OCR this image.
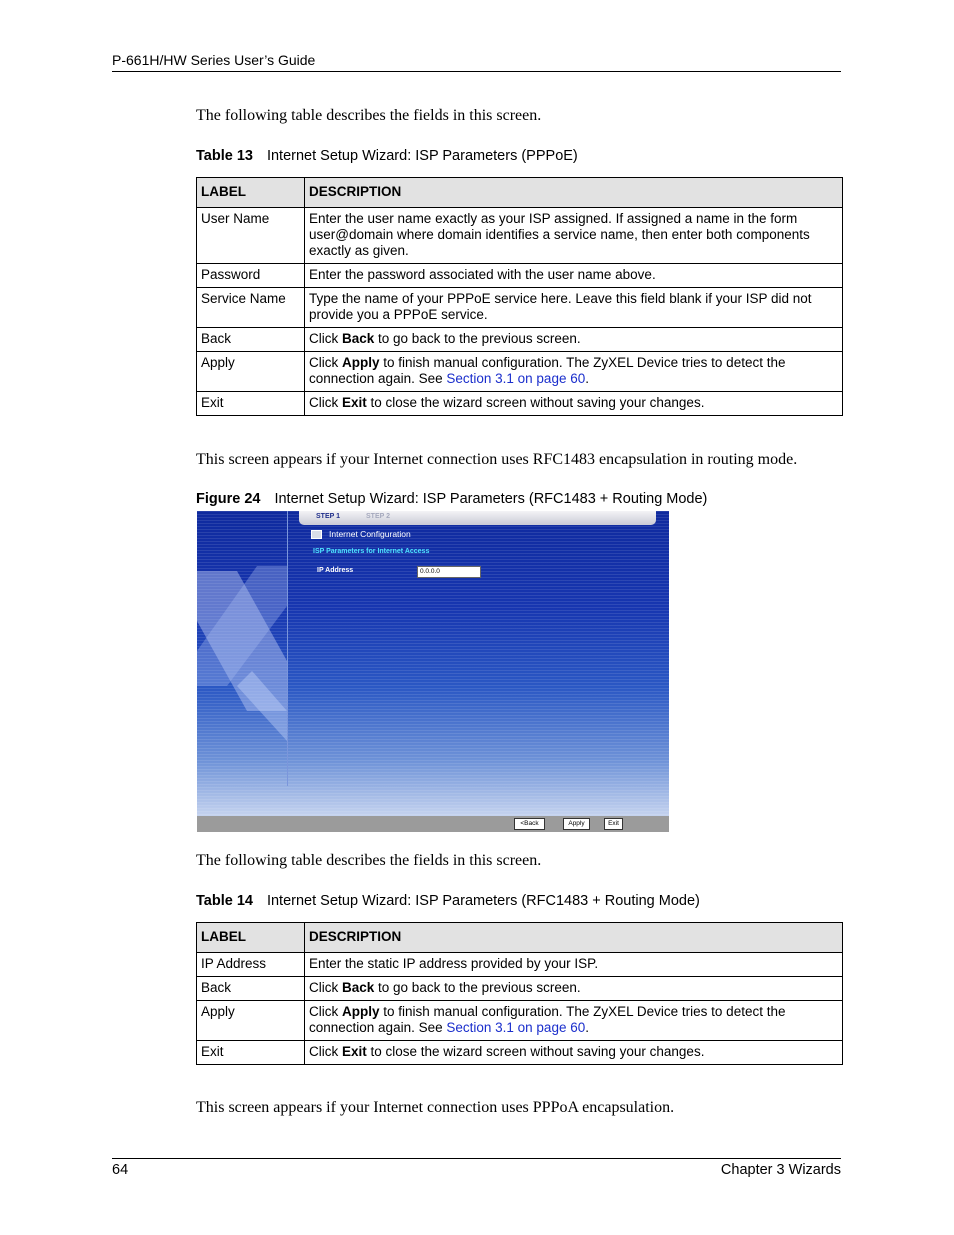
P-661H/HW Series User’s Guide
The following table describes the fields in this screen.
Table 13 Internet Setup Wizard: ISP Parameters (PPPoE)
LABEL	DESCRIPTION
User Name	Enter the user name exactly as your ISP assigned. If assigned a name in the form user@domain where domain identifies a service name, then enter both components exactly as given.
Password	Enter the password associated with the user name above.
Service Name	Type the name of your PPPoE service here. Leave this field blank if your ISP did not provide you a PPPoE service.
Back	Click Back to go back to the previous screen.
Apply	Click Apply to finish manual configuration. The ZyXEL Device tries to detect the connection again. See Section 3.1 on page 60.
Exit	Click Exit to close the wizard screen without saving your changes.
This screen appears if your Internet connection uses RFC1483 encapsulation in routing mode.
Figure 24 Internet Setup Wizard: ISP Parameters (RFC1483 + Routing Mode)
STEP 1	STEP 2
Internet Configuration
ISP Parameters for Internet Access
IP Address	0.0.0.0
<Back	Apply	Exit
The following table describes the fields in this screen.
Table 14 Internet Setup Wizard: ISP Parameters (RFC1483 + Routing Mode)
LABEL	DESCRIPTION
IP Address	Enter the static IP address provided by your ISP.
Back	Click Back to go back to the previous screen.
Apply	Click Apply to finish manual configuration. The ZyXEL Device tries to detect the connection again. See Section 3.1 on page 60.
Exit	Click Exit to close the wizard screen without saving your changes.
This screen appears if your Internet connection uses PPPoA encapsulation.
64	Chapter 3 Wizards
